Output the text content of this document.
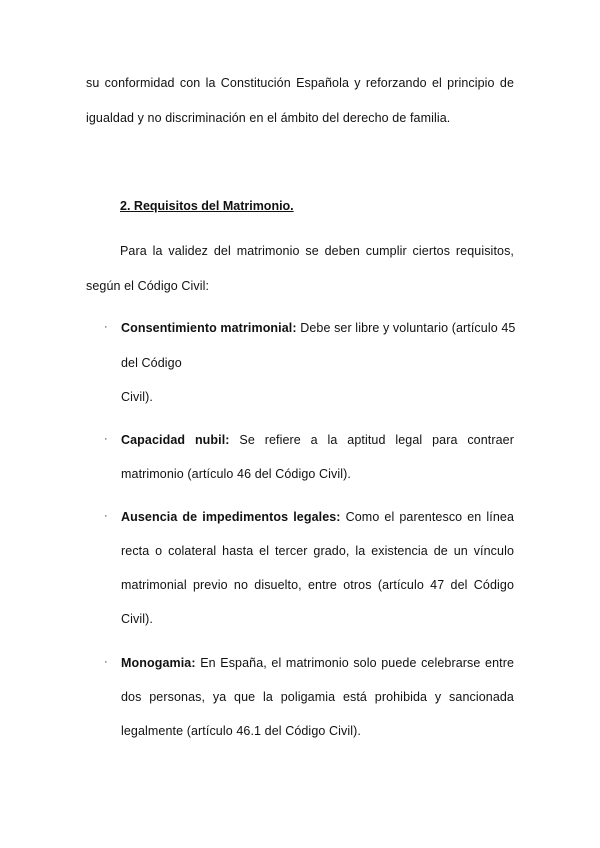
su conformidad con la Constitución Española y reforzando el principio de
igualdad y no discriminación en el ámbito del derecho de familia.
2. Requisitos del Matrimonio.
Para la validez del matrimonio se deben cumplir ciertos requisitos,
según el Código Civil:
· Consentimiento matrimonial: Debe ser libre y voluntario (artículo 45
del Código
Civil).
· Capacidad nubil: Se refiere a la aptitud legal para contraer
matrimonio (artículo 46 del Código Civil).
· Ausencia de impedimentos legales: Como el parentesco en línea
recta o colateral hasta el tercer grado, la existencia de un vínculo
matrimonial previo no disuelto, entre otros (artículo 47 del Código
Civil).
· Monogamia: En España, el matrimonio solo puede celebrarse entre
dos personas, ya que la poligamia está prohibida y sancionada
legalmente (artículo 46.1 del Código Civil).
